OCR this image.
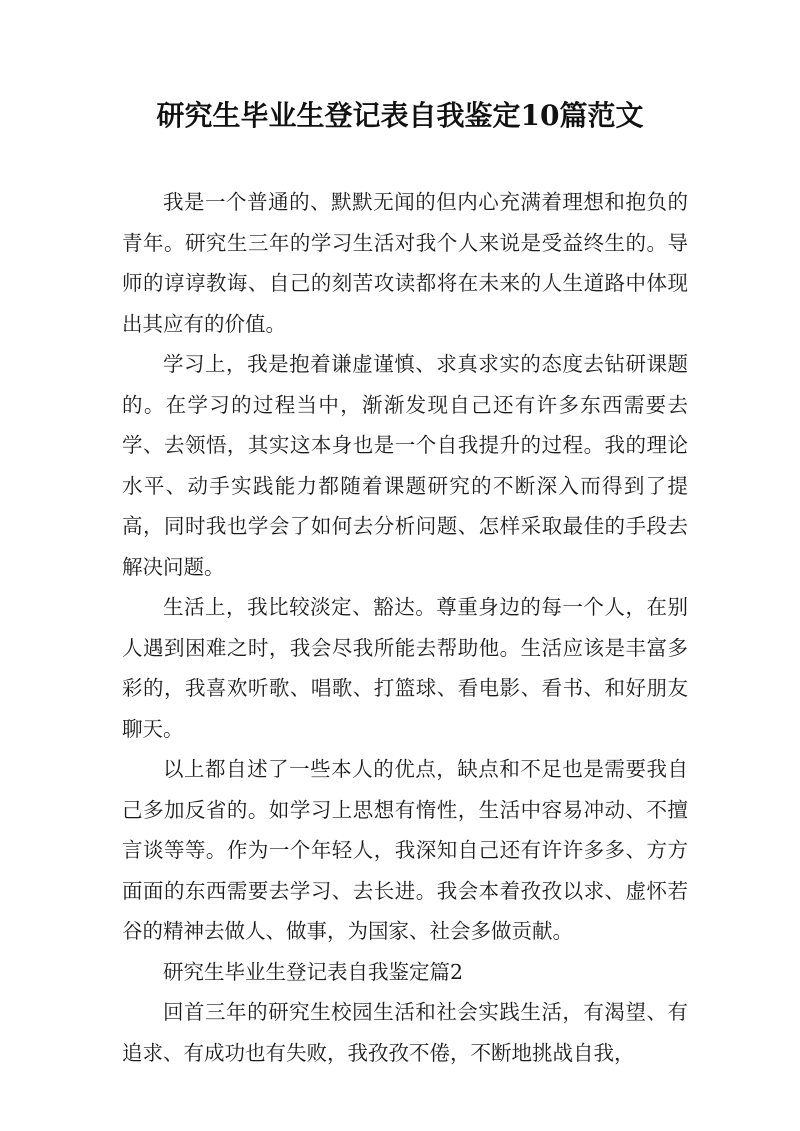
研究生毕业生登记表自我鉴定10篇范文

我是一个普通的、默默无闻的但内心充满着理想和抱负的青年。研究生三年的学习生活对我个人来说是受益终生的。导师的谆谆教诲、自己的刻苦攻读都将在未来的人生道路中体现出其应有的价值。

学习上，我是抱着谦虚谨慎、求真求实的态度去钻研课题的。在学习的过程当中，渐渐发现自己还有许多东西需要去学、去领悟，其实这本身也是一个自我提升的过程。我的理论水平、动手实践能力都随着课题研究的不断深入而得到了提高，同时我也学会了如何去分析问题、怎样采取最佳的手段去解决问题。

生活上，我比较淡定、豁达。尊重身边的每一个人，在别人遇到困难之时，我会尽我所能去帮助他。生活应该是丰富多彩的，我喜欢听歌、唱歌、打篮球、看电影、看书、和好朋友聊天。

以上都自述了一些本人的优点，缺点和不足也是需要我自己多加反省的。如学习上思想有惰性，生活中容易冲动、不擅言谈等等。作为一个年轻人，我深知自己还有许许多多、方方面面的东西需要去学习、去长进。我会本着孜孜以求、虚怀若谷的精神去做人、做事，为国家、社会多做贡献。

研究生毕业生登记表自我鉴定篇2

回首三年的研究生校园生活和社会实践生活，有渴望、有追求、有成功也有失败，我孜孜不倦，不断地挑战自我，
